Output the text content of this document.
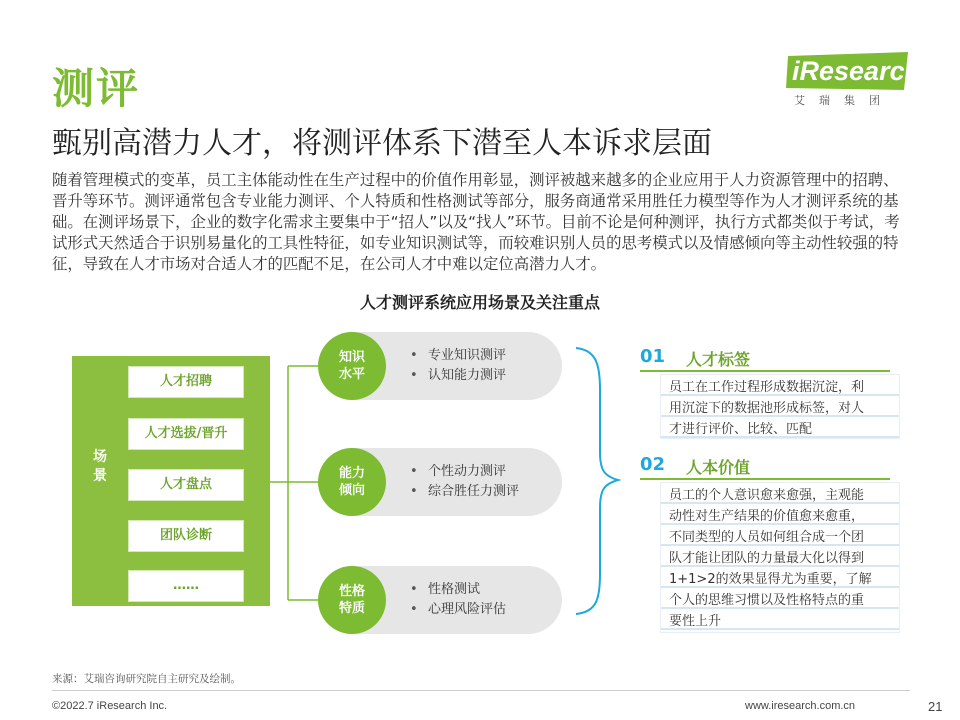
测评
甄别高潜力人才，将测评体系下潜至人本诉求层面
iResearch
艾瑞集团

随着管理模式的变革，员工主体能动性在生产过程中的价值作用彰显，测评被越来越多的企业应用于人力资源管理中的招聘、晋升等环节。测评通常包含专业能力测评、个人特质和性格测试等部分，服务商通常采用胜任力模型等作为人才测评系统的基础。在测评场景下，企业的数字化需求主要集中于“招人”以及“找人”环节。目前不论是何种测评，执行方式都类似于考试，考试形式天然适合于识别易量化的工具性特征，如专业知识测试等，而较难识别人员的思考模式以及情感倾向等主动性较强的特征，导致在人才市场对合适人才的匹配不足，在公司人才中难以定位高潜力人才。

人才测评系统应用场景及关注重点
场景
人才招聘
人才选拔/晋升
人才盘点
团队诊断
……
知识
水平
• 专业知识测评
• 认知能力测评
能力
倾向
• 个性动力测评
• 综合胜任力测评
性格
特质
• 性格测试
• 心理风险评估
01 人才标签
员工在工作过程形成数据沉淀，利
用沉淀下的数据池形成标签，对人
才进行评价、比较、匹配
02 人本价值
员工的个人意识愈来愈强，主观能
动性对生产结果的价值愈来愈重，
不同类型的人员如何组合成一个团
队才能让团队的力量最大化以得到
1+1>2的效果显得尤为重要，了解
个人的思维习惯以及性格特点的重
要性上升
来源：艾瑞咨询研究院自主研究及绘制。
©2022.7 iResearch Inc.	www.iresearch.com.cn	21
